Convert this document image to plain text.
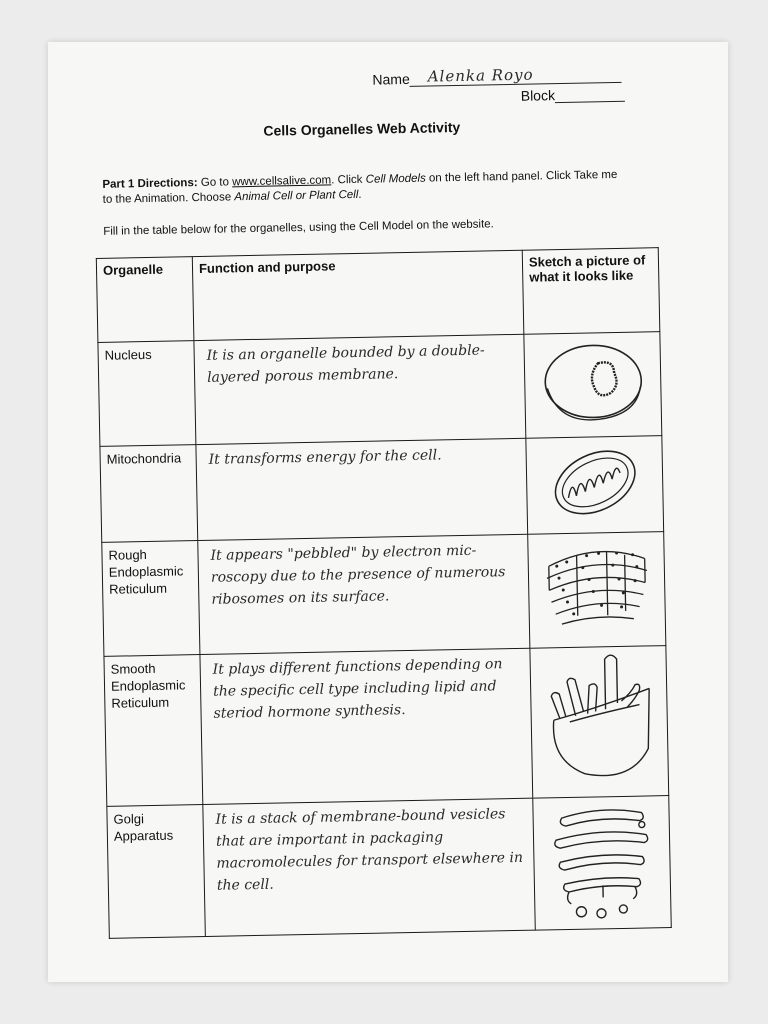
Name Alenka Royo
Block
Cells Organelles Web Activity
Part 1 Directions: Go to www.cellsalive.com. Click Cell Models on the left hand panel. Click Take me to the Animation. Choose Animal Cell or Plant Cell.
Fill in the table below for the organelles, using the Cell Model on the website.
Organelle	Function and purpose	Sketch a picture of what it looks like
Nucleus	It is an organelle bounded by a double-layered porous membrane.

Mitochondria	It transforms energy for the cell.

Rough Endoplasmic Reticulum	It appears "pebbled" by electron mic-roscopy due to the presence of numerous ribosomes on its surface.

Smooth Endoplasmic Reticulum	It plays different functions depending on the specific cell type including lipid and steriod hormone synthesis.

Golgi Apparatus	It is a stack of membrane-bound vesicles that are important in packaging macromolecules for transport elsewhere in the cell.
